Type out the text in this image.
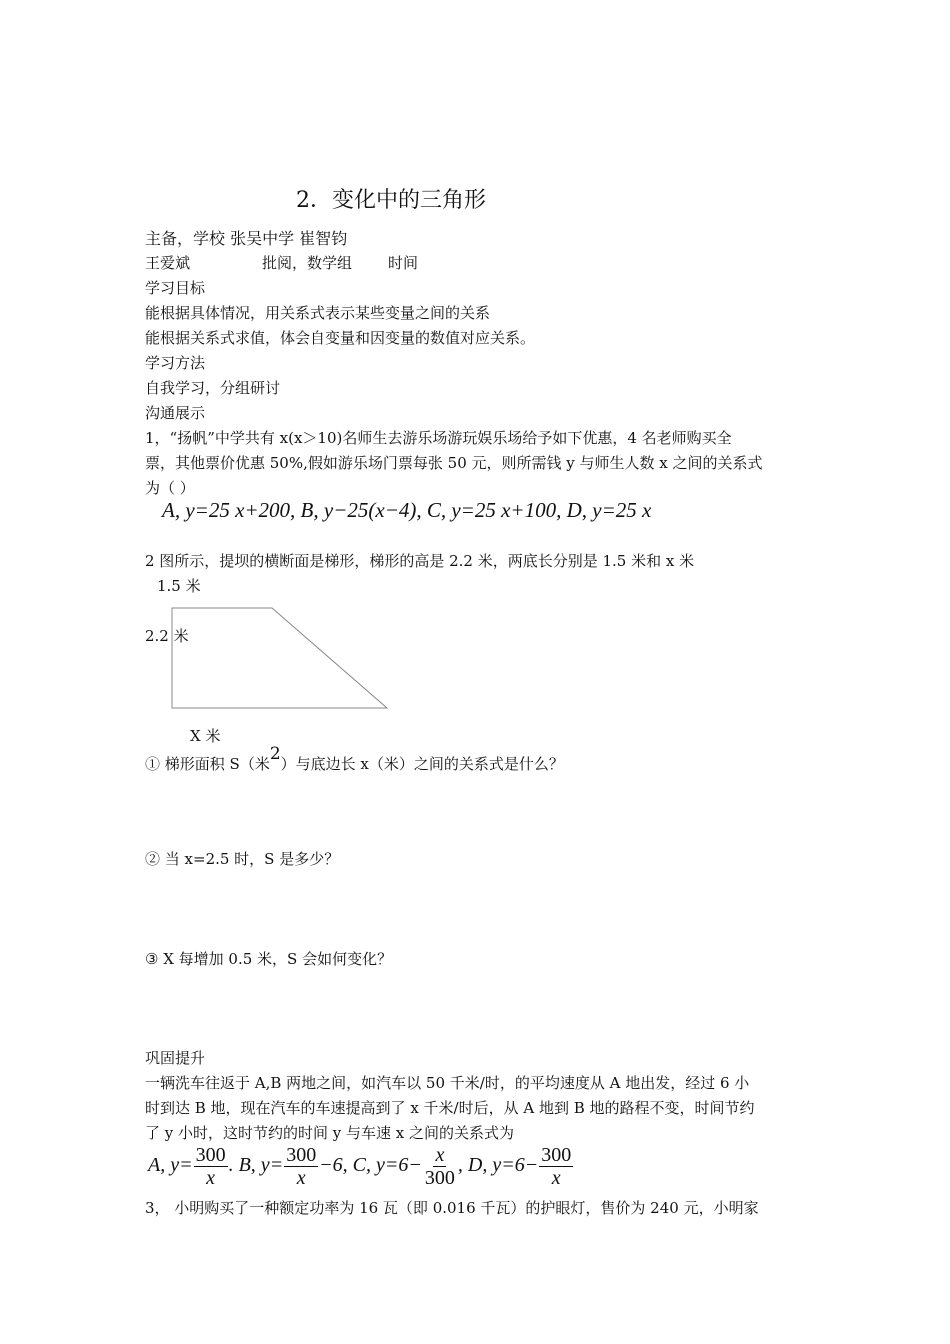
2．变化中的三角形
主备，学校 张吴中学 崔智钧
王爱斌	批阅，数学组 时间
学习目标
能根据具体情况，用关系式表示某些变量之间的关系
能根据关系式求值，体会自变量和因变量的数值对应关系。
学习方法
自我学习，分组研讨
沟通展示
1，“扬帆”中学共有 x(x＞10)名师生去游乐场游玩娱乐场给予如下优惠，4 名老师购买全
票，其他票价优惠 50%,假如游乐场门票每张 50 元，则所需钱 y 与师生人数 x 之间的关系式
为（ ）
A, y=25 x+200, B, y−25(x−4), C, y=25 x+100, D, y=25 x
2 图所示，提坝的横断面是梯形，梯形的高是 2.2 米，两底长分别是 1.5 米和 x 米
1.5 米
2.2 米
X 米
① 梯形面积 S（米2）与底边长 x（米）之间的关系式是什么？
② 当 x=2.5 时，S 是多少？
③ X 每增加 0.5 米，S 会如何变化？
巩固提升
一辆洗车往返于 A,B 两地之间，如汽车以 50 千米/时，的平均速度从 A 地出发，经过 6 小
时到达 B 地，现在汽车的车速提高到了 x 千米/时后，从 A 地到 B 地的路程不变，时间节约
了 y 小时，这时节约的时间 y 与车速 x 之间的关系式为
A, $y= \frac{300}{x}$ . B, $y= \frac{300}{x} -6$, C, $y=6- \frac{x}{300}$ , D, $y=6- \frac{300}{x}$
3， 小明购买了一种额定功率为 16 瓦（即 0.016 千瓦）的护眼灯，售价为 240 元，小明家
